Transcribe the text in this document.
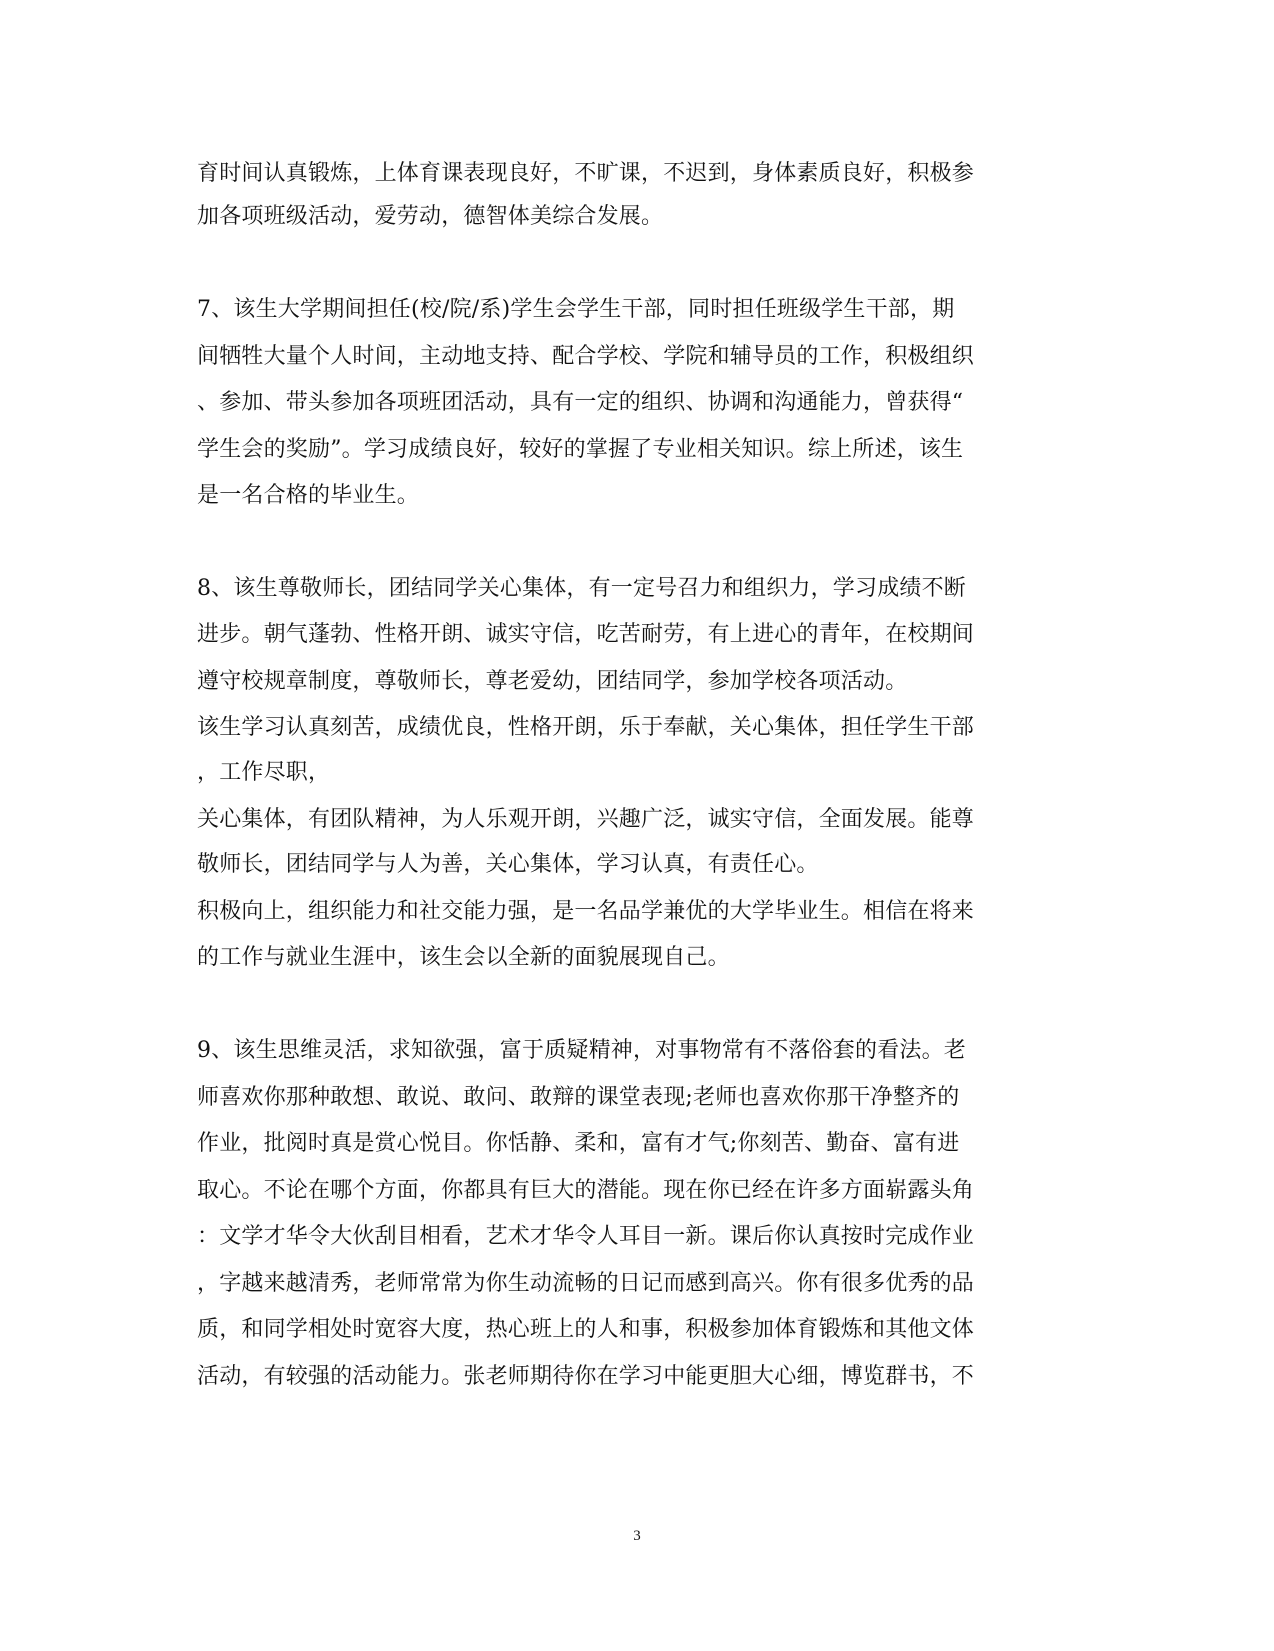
育时间认真锻炼，上体育课表现良好，不旷课，不迟到，身体素质良好，积极参
加各项班级活动，爱劳动，德智体美综合发展。
7、该生大学期间担任(校/院/系)学生会学生干部，同时担任班级学生干部，期
间牺牲大量个人时间，主动地支持、配合学校、学院和辅导员的工作，积极组织
、参加、带头参加各项班团活动，具有一定的组织、协调和沟通能力，曾获得“
学生会的奖励”。学习成绩良好，较好的掌握了专业相关知识。综上所述，该生
是一名合格的毕业生。
8、该生尊敬师长，团结同学关心集体，有一定号召力和组织力，学习成绩不断
进步。朝气蓬勃、性格开朗、诚实守信，吃苦耐劳，有上进心的青年，在校期间
遵守校规章制度，尊敬师长，尊老爱幼，团结同学，参加学校各项活动。
该生学习认真刻苦，成绩优良，性格开朗，乐于奉献，关心集体，担任学生干部
，工作尽职，
关心集体，有团队精神，为人乐观开朗，兴趣广泛，诚实守信，全面发展。能尊
敬师长，团结同学与人为善，关心集体，学习认真，有责任心。
积极向上，组织能力和社交能力强，是一名品学兼优的大学毕业生。相信在将来
的工作与就业生涯中，该生会以全新的面貌展现自己。
9、该生思维灵活，求知欲强，富于质疑精神，对事物常有不落俗套的看法。老
师喜欢你那种敢想、敢说、敢问、敢辩的课堂表现;老师也喜欢你那干净整齐的
作业，批阅时真是赏心悦目。你恬静、柔和，富有才气;你刻苦、勤奋、富有进
取心。不论在哪个方面，你都具有巨大的潜能。现在你已经在许多方面崭露头角
：文学才华令大伙刮目相看，艺术才华令人耳目一新。课后你认真按时完成作业
，字越来越清秀，老师常常为你生动流畅的日记而感到高兴。你有很多优秀的品
质，和同学相处时宽容大度，热心班上的人和事，积极参加体育锻炼和其他文体
活动，有较强的活动能力。张老师期待你在学习中能更胆大心细，博览群书，不
3
